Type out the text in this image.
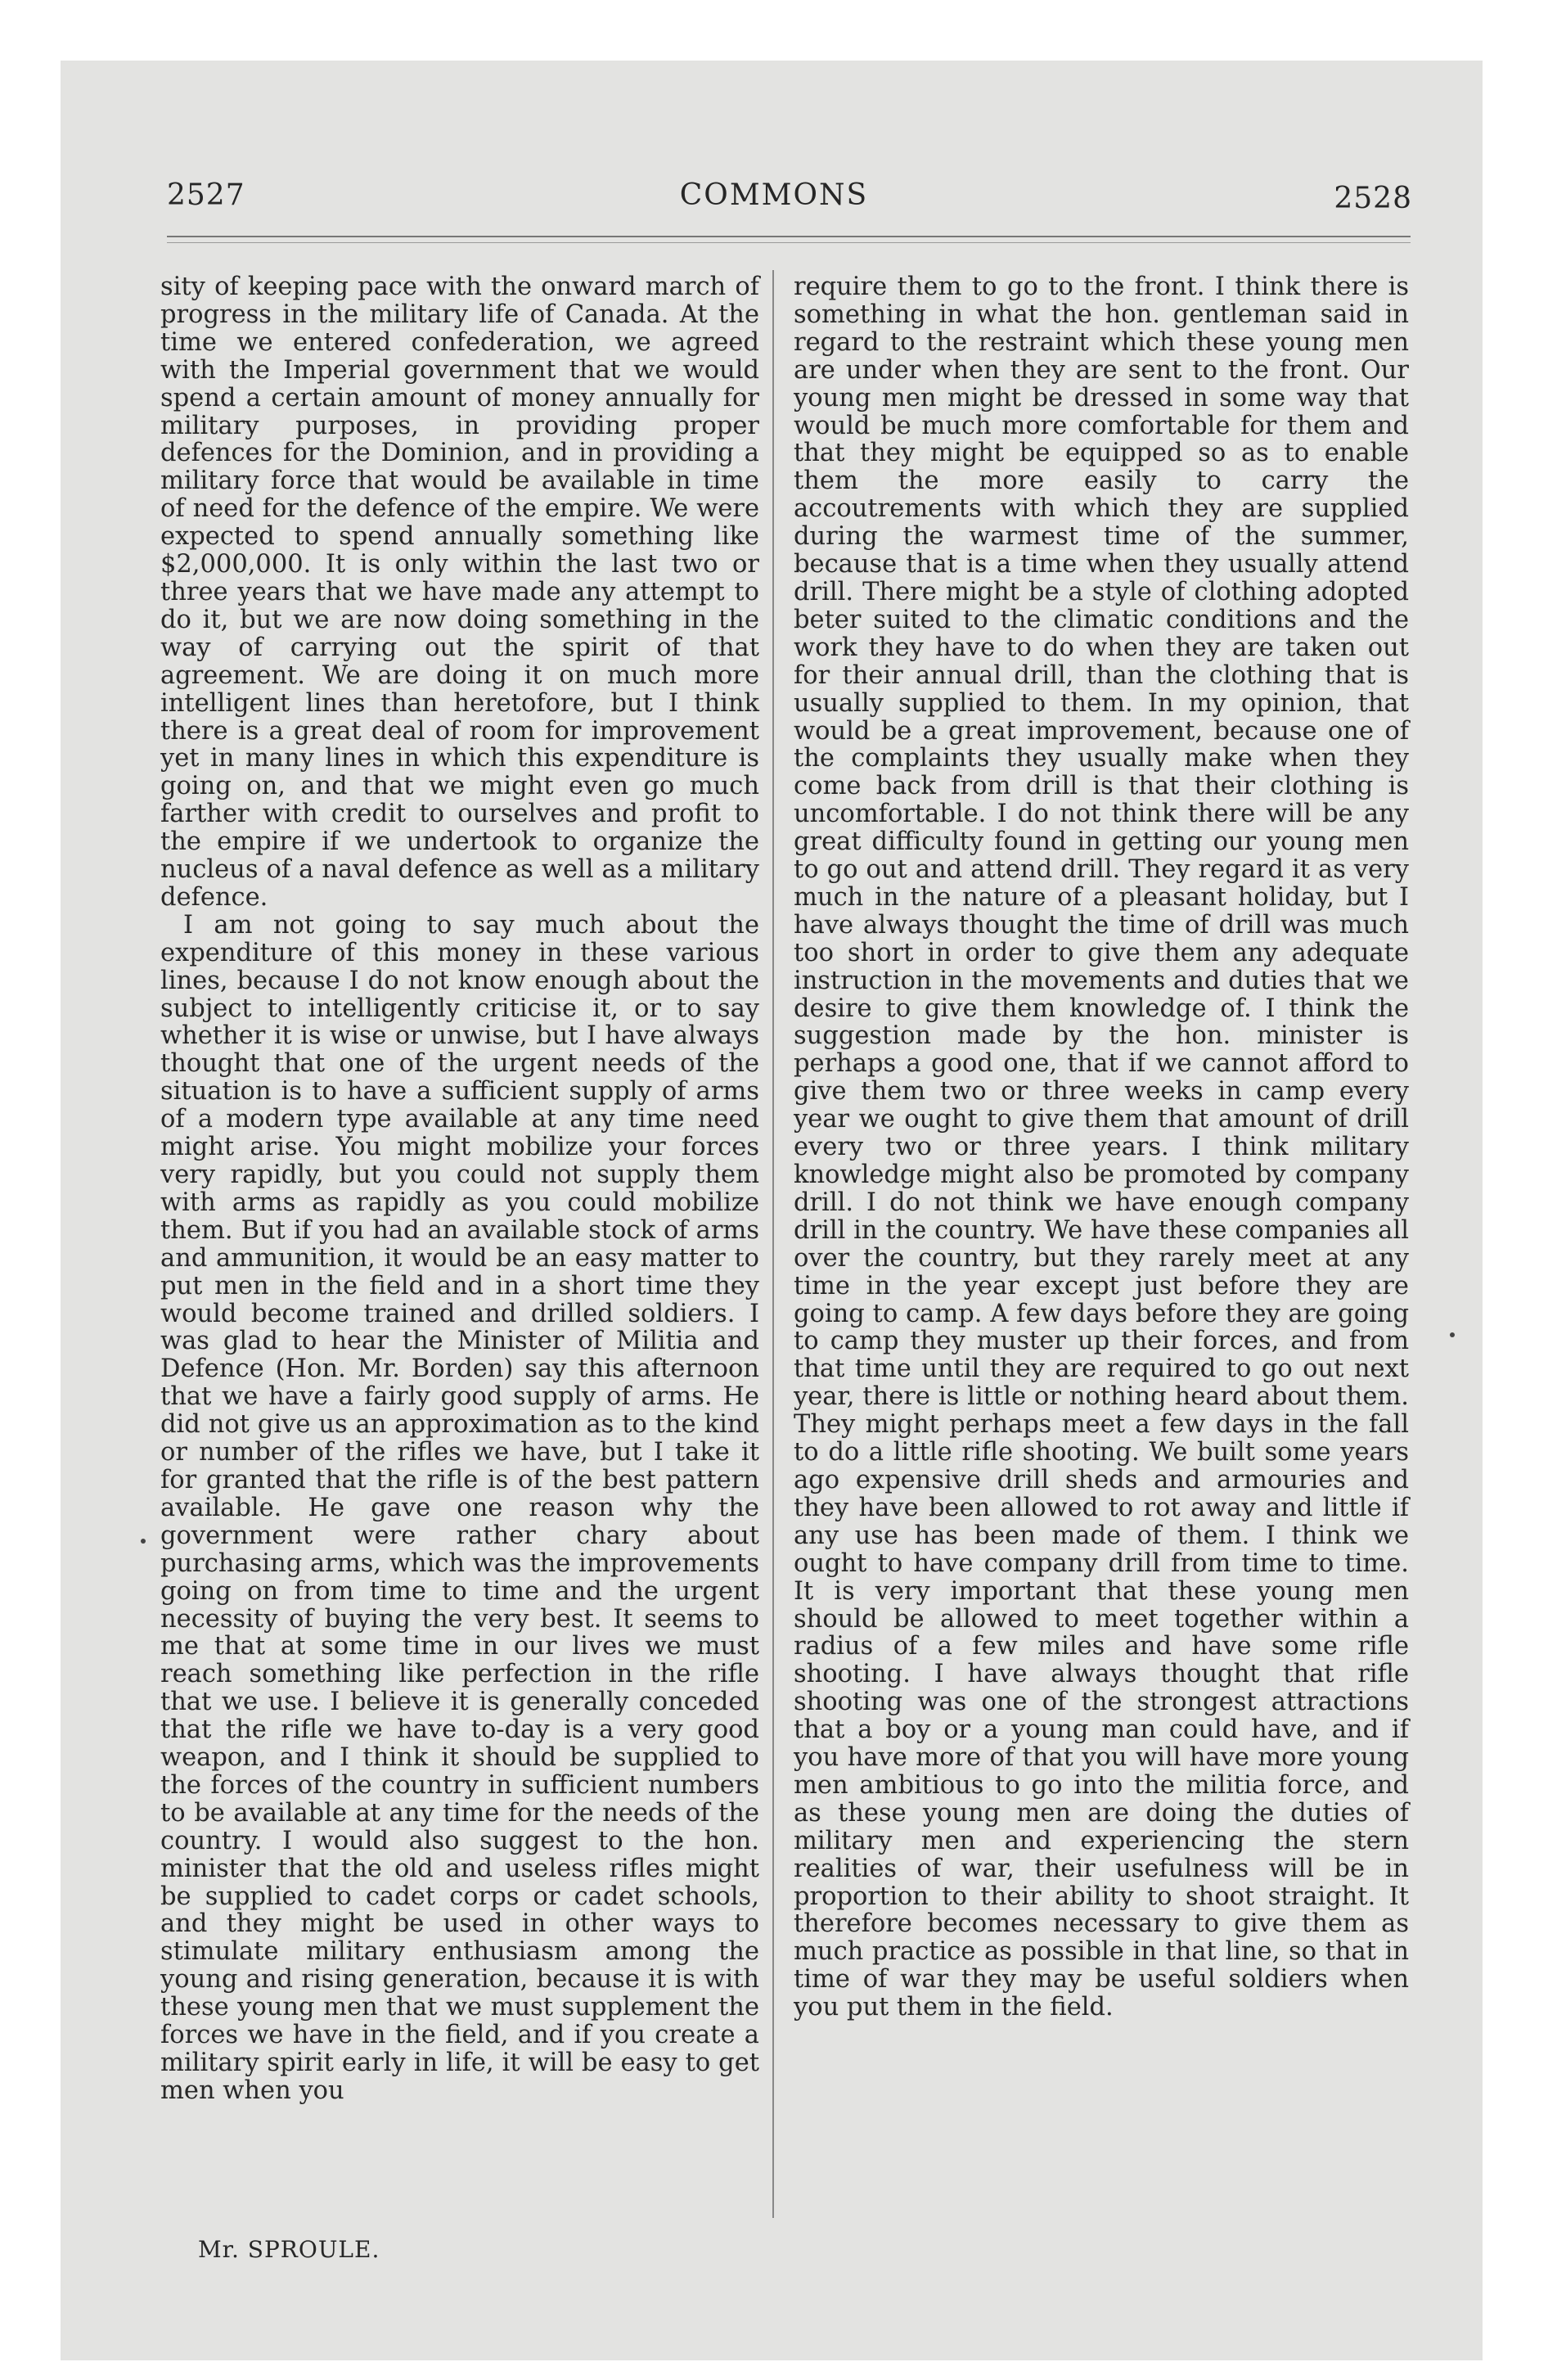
2527	COMMONS	2528

sity of keeping pace with the onward march of progress in the military life of Canada. At the time we entered confederation, we agreed with the Imperial government that we would spend a certain amount of money annually for military purposes, in providing proper defences for the Dominion, and in providing a military force that would be available in time of need for the defence of the empire. We were expected to spend annually something like $2,000,000. It is only within the last two or three years that we have made any attempt to do it, but we are now doing something in the way of carrying out the spirit of that agreement. We are doing it on much more intelligent lines than heretofore, but I think there is a great deal of room for improvement yet in many lines in which this expenditure is going on, and that we might even go much farther with credit to ourselves and profit to the empire if we undertook to organize the nucleus of a naval defence as well as a military defence.

I am not going to say much about the expenditure of this money in these various lines, because I do not know enough about the subject to intelligently criticise it, or to say whether it is wise or unwise, but I have always thought that one of the urgent needs of the situation is to have a sufficient supply of arms of a modern type available at any time need might arise. You might mobilize your forces very rapidly, but you could not supply them with arms as rapidly as you could mobilize them. But if you had an available stock of arms and ammunition, it would be an easy matter to put men in the field and in a short time they would become trained and drilled soldiers. I was glad to hear the Minister of Militia and Defence (Hon. Mr. Borden) say this afternoon that we have a fairly good supply of arms. He did not give us an approximation as to the kind or number of the rifles we have, but I take it for granted that the rifle is of the best pattern available. He gave one reason why the government were rather chary about purchasing arms, which was the improvements going on from time to time and the urgent necessity of buying the very best. It seems to me that at some time in our lives we must reach something like perfection in the rifle that we use. I believe it is generally conceded that the rifle we have to-day is a very good weapon, and I think it should be supplied to the forces of the country in sufficient numbers to be available at any time for the needs of the country. I would also suggest to the hon. minister that the old and useless rifles might be supplied to cadet corps or cadet schools, and they might be used in other ways to stimulate military enthusiasm among the young and rising generation, because it is with these young men that we must supplement the forces we have in the field, and if you create a military spirit early in life, it will be easy to get men when you

require them to go to the front. I think there is something in what the hon. gentleman said in regard to the restraint which these young men are under when they are sent to the front. Our young men might be dressed in some way that would be much more comfortable for them and that they might be equipped so as to enable them the more easily to carry the accoutrements with which they are supplied during the warmest time of the summer, because that is a time when they usually attend drill. There might be a style of clothing adopted beter suited to the climatic conditions and the work they have to do when they are taken out for their annual drill, than the clothing that is usually supplied to them. In my opinion, that would be a great improvement, because one of the complaints they usually make when they come back from drill is that their clothing is uncomfortable. I do not think there will be any great difficulty found in getting our young men to go out and attend drill. They regard it as very much in the nature of a pleasant holiday, but I have always thought the time of drill was much too short in order to give them any adequate instruction in the movements and duties that we desire to give them knowledge of. I think the suggestion made by the hon. minister is perhaps a good one, that if we cannot afford to give them two or three weeks in camp every year we ought to give them that amount of drill every two or three years. I think military knowledge might also be promoted by company drill. I do not think we have enough company drill in the country. We have these companies all over the country, but they rarely meet at any time in the year except just before they are going to camp. A few days before they are going to camp they muster up their forces, and from that time until they are required to go out next year, there is little or nothing heard about them. They might perhaps meet a few days in the fall to do a little rifle shooting. We built some years ago expensive drill sheds and armouries and they have been allowed to rot away and little if any use has been made of them. I think we ought to have company drill from time to time. It is very important that these young men should be allowed to meet together within a radius of a few miles and have some rifle shooting. I have always thought that rifle shooting was one of the strongest attractions that a boy or a young man could have, and if you have more of that you will have more young men ambitious to go into the militia force, and as these young men are doing the duties of military men and experiencing the stern realities of war, their usefulness will be in proportion to their ability to shoot straight. It therefore becomes necessary to give them as much practice as possible in that line, so that in time of war they may be useful soldiers when you put them in the field.

Mr. SPROULE.
